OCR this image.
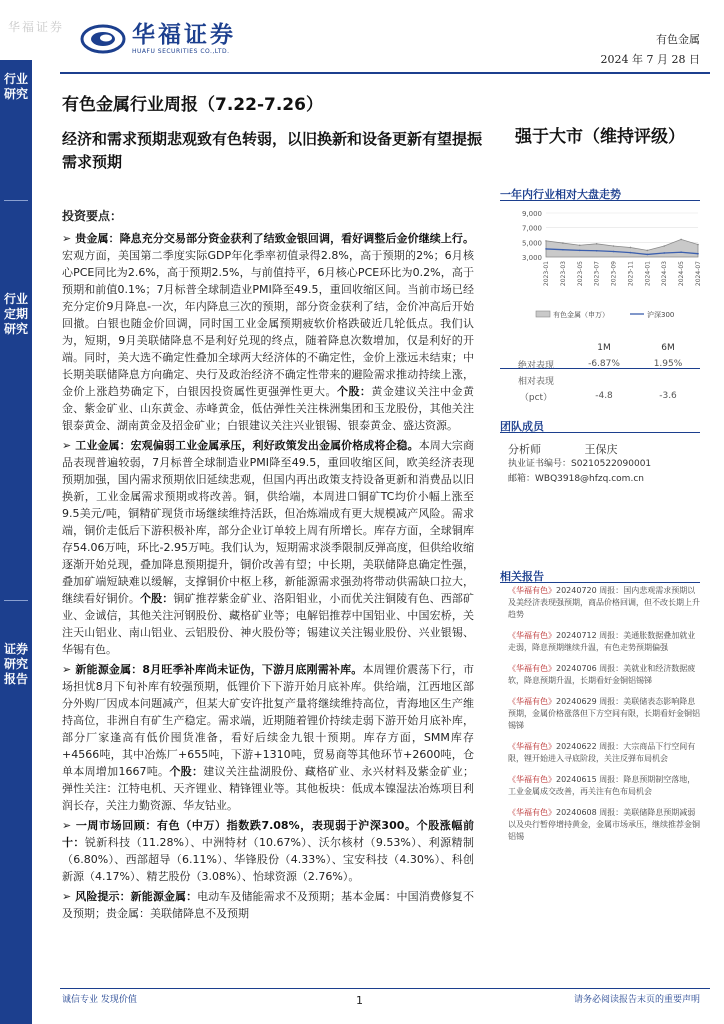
华福证券	华福证券
HUAFU SECURITIES CO.,LTD.
有色金属
2024 年 7 月 28 日
行业研究
行业定期研究
证券研究报告
有色金属行业周报（7.22-7.26）
经济和需求预期悲观致有色转弱，以旧换新和设备更新有望提振需求预期
强于大市（维持评级）
投资要点：
➢ 贵金属：降息充分交易部分资金获利了结致金银回调，看好调整后金价继续上行。宏观方面，美国第二季度实际GDP年化季率初值录得2.8%，高于预期的2%；6月核心PCE同比为2.6%，高于预期2.5%，与前值持平，6月核心PCE环比为0.2%，高于预期和前值0.1%；7月标普全球制造业PMI降至49.5，重回收缩区间。当前市场已经充分定价9月降息-一次，年内降息三次的预期，部分资金获利了结，金价冲高后开始回撤。白银也随金价回调，同时国工业金属预期疲软价格跌破近几轮低点。我们认为，短期，9月美联储降息不是利好兑现的终点，随着降息次数增加，仅是利好的开端。同时，美大选不确定性叠加全球两大经济体的不确定性，金价上涨远未结束；中长期美联储降息方向确定、央行及政治经济不确定性带来的避险需求推动持续上涨，金价上涨趋势确定下，白银因投资属性更强弹性更大。个股：黄金建议关注中金黄金、紫金矿业、山东黄金、赤峰黄金，低估弹性关注株洲集团和玉龙股份，其他关注银泰黄金、湖南黄金及招金矿业；白银建议关注兴业银锡、银泰黄金、盛达资源。
➢ 工业金属：宏观偏弱工业金属承压，利好政策发出金属价格成将企稳。本周大宗商品表现普遍较弱，7月标普全球制造业PMI降至49.5，重回收缩区间，欧美经济表现预期加强，国内需求预期依旧延续悲观，但国内再出政策支持设备更新和消费品以旧换新，工业金属需求预期或将改善。铜，供给端，本周进口铜矿TC均价小幅上涨至9.5美元/吨，铜精矿现货市场继续维持活跃，但冶炼端成有更大规模减产风险。需求端，铜价走低后下游积极补库，部分企业订单较上周有所增长。库存方面，全球铜库存54.06万吨，环比-2.95万吨。我们认为，短期需求淡季限制反弹高度，但供给收缩逐渐开始兑现，叠加降息预期提升，铜价改善有望；中长期，美联储降息确定性强，叠加矿端短缺难以缓解，支撑铜价中枢上移，新能源需求强劲将带动供需缺口拉大，继续看好铜价。个股：铜矿推荐紫金矿业、洛阳钼业，小而优关注铜陵有色、西部矿业、金诚信，其他关注河钢股份、藏格矿业等；电解铝推荐中国铝业、中国宏桥，关注天山铝业、南山铝业、云铝股份、神火股份等；锡建议关注锡业股份、兴业银锡、华锡有色。
➢ 新能源金属：8月旺季补库尚未证伪，下游月底刚需补库。本周锂价震荡下行，市场担忧8月下旬补库有较强预期，低锂价下下游开始月底补库。供给端，江西地区部分外购厂因成本问题减产，但某大矿安许批复产量将继续维持高位，青海地区生产维持高位，非洲自有矿生产稳定。需求端，近期随着锂价持续走弱下游开始月底补库，部分厂家逢高有低价囤货准备，看好后续金九银十预期。库存方面，SMM库存+4566吨，其中冶炼厂+655吨，下游+1310吨，贸易商等其他环节+2600吨，仓单本周增加1667吨。个股：建议关注盐湖股份、藏格矿业、永兴材料及紫金矿业；弹性关注：江特电机、天齐锂业、精锋锂业等。其他板块：低成本镍湿法冶炼项目利润长存，关注力勤资源、华友钴业。
➢ 一周市场回顾：有色（中万）指数跌7.08%，表现弱于沪深300。个股涨幅前十：锐新科技（11.28%）、中洲特材（10.67%）、沃尔核材（9.53%）、利源精制（6.80%）、西部超导（6.11%）、华锋股份（4.33%）、宝安科技（4.30%）、科创新源（4.17%）、精艺股份（3.08%）、怡球资源（2.76%）。
➢ 风险提示：新能源金属：电动车及储能需求不及预期；基本金属：中国消费修复不及预期；贵金属：美联储降息不及预期
一年内行业相对大盘走势
9,000
7,000
5,000
3,000
2023-01 2023-03 2023-05 2023-07 2023-09 2023-11 2024-01 2024-03 2024-05 2024-07
有色金属（申万）	沪深300
1M	6M
绝对表现	-6.87%	1.95%
相对表现
（pct）	-4.8	-3.6
团队成员
分析师	王保庆
执业证书编号：S0210522090001
邮箱：WBQ3918@hfzq.com.cn
相关报告
《华福有色》20240720 周报：国内悲观需求预期以及美经济表现强预期，商品价格回调，但不改长期上升趋势
《华福有色》20240712 周报：美通胀数据叠加就业走弱，降息预期继续升温，有色走势预期偏强
《华福有色》20240706 周报：美就业和经济数据疲软，降息预期升温，长期看好金铜铝锡锑
《华福有色》20240629 周报：美联储表态影响降息预期，金属价格涨落但下方空间有限，长期看好金铜铝锡锑
《华福有色》20240622 周报：大宗商品下行空间有限，锂开始进入寻底阶段，关注反弹布局机会
《华福有色》20240615 周报：降息预期制空落地，工业金属成交改善，再关注有色布局机会
《华福有色》20240608 周报：美联储降息预期减弱以及央行暂停增持黄金，金属市场承压，继续推荐金铜铝锡
诚信专业 发现价值	1	请务必阅读报告末页的重要声明
